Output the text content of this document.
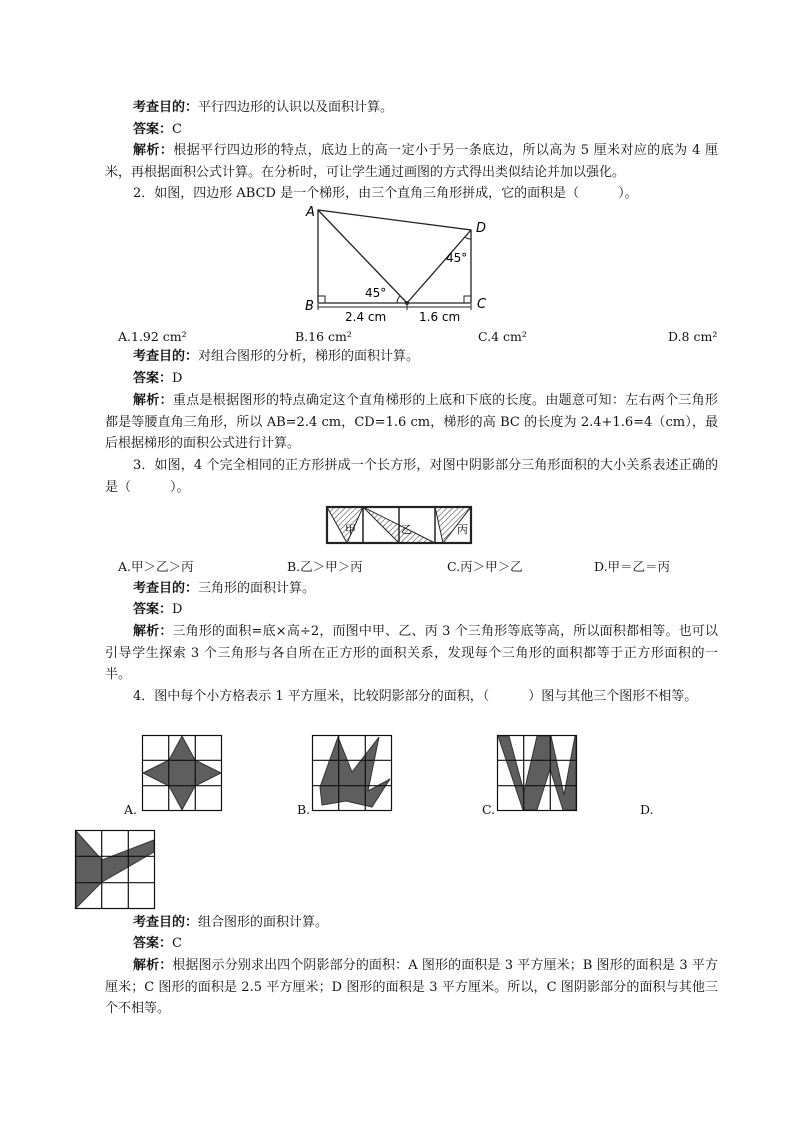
考查目的：平行四边形的认识以及面积计算。

答案：C

解析：根据平行四边形的特点，底边上的高一定小于另一条底边，所以高为 5 厘米对应的底为 4 厘米，再根据面积公式计算。在分析时，可让学生通过画图的方式得出类似结论并加以强化。

2．如图，四边形 ABCD 是一个梯形，由三个直角三角形拼成，它的面积是（　　　）。

A
B	C
D
45°
45°
2.4 cm	1.6 cm

A.1.92 cm²	B.16 cm²	C.4 cm²	D.8 cm²

考查目的：对组合图形的分析，梯形的面积计算。

答案：D

解析：重点是根据图形的特点确定这个直角梯形的上底和下底的长度。由题意可知：左右两个三角形都是等腰直角三角形，所以 AB=2.4 cm，CD=1.6 cm，梯形的高 BC 的长度为 2.4+1.6=4（cm），最后根据梯形的面积公式进行计算。

3．如图，4 个完全相同的正方形拼成一个长方形，对图中阴影部分三角形面积的大小关系表述正确的是（　　　）。

甲	乙	丙

A.甲＞乙＞丙	B.乙＞甲＞丙	C.丙＞甲＞乙	D.甲＝乙＝丙

考查目的：三角形的面积计算。

答案：D

解析：三角形的面积=底×高÷2，而图中甲、乙、丙 3 个三角形等底等高，所以面积都相等。也可以引导学生探索 3 个三角形与各自所在正方形的面积关系，发现每个三角形的面积都等于正方形面积的一半。

4．图中每个小方格表示 1 平方厘米，比较阴影部分的面积，（　　　）图与其他三个图形不相等。

A.	B.	C.	D.

考查目的：组合图形的面积计算。

答案：C

解析：根据图示分别求出四个阴影部分的面积：A 图形的面积是 3 平方厘米；B 图形的面积是 3 平方厘米；C 图形的面积是 2.5 平方厘米；D 图形的面积是 3 平方厘米。所以，C 图阴影部分的面积与其他三个不相等。
